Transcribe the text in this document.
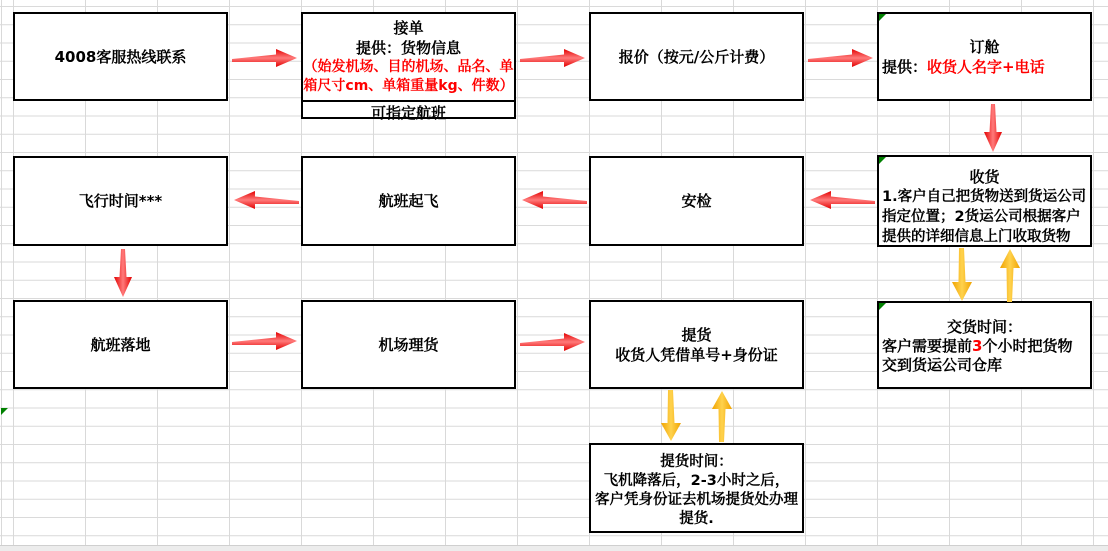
4008客服热线联系
接单
提供：货物信息
（始发机场、目的机场、品名、单箱尺寸cm、单箱重量kg、件数）
可指定航班
报价（按元/公斤计费）
订舱
提供：收货人名字+电话
飞行时间***	航班起飞	安检
收货
1.客户自己把货物送到货运公司指定位置；2货运公司根据客户提供的详细信息上门收取货物
航班落地	机场理货
提货
收货人凭借单号+身份证
交货时间：
客户需要提前3个小时把货物交到货运公司仓库
提货时间：
飞机降落后，2-3小时之后，
客户凭身份证去机场提货处办理提货.
